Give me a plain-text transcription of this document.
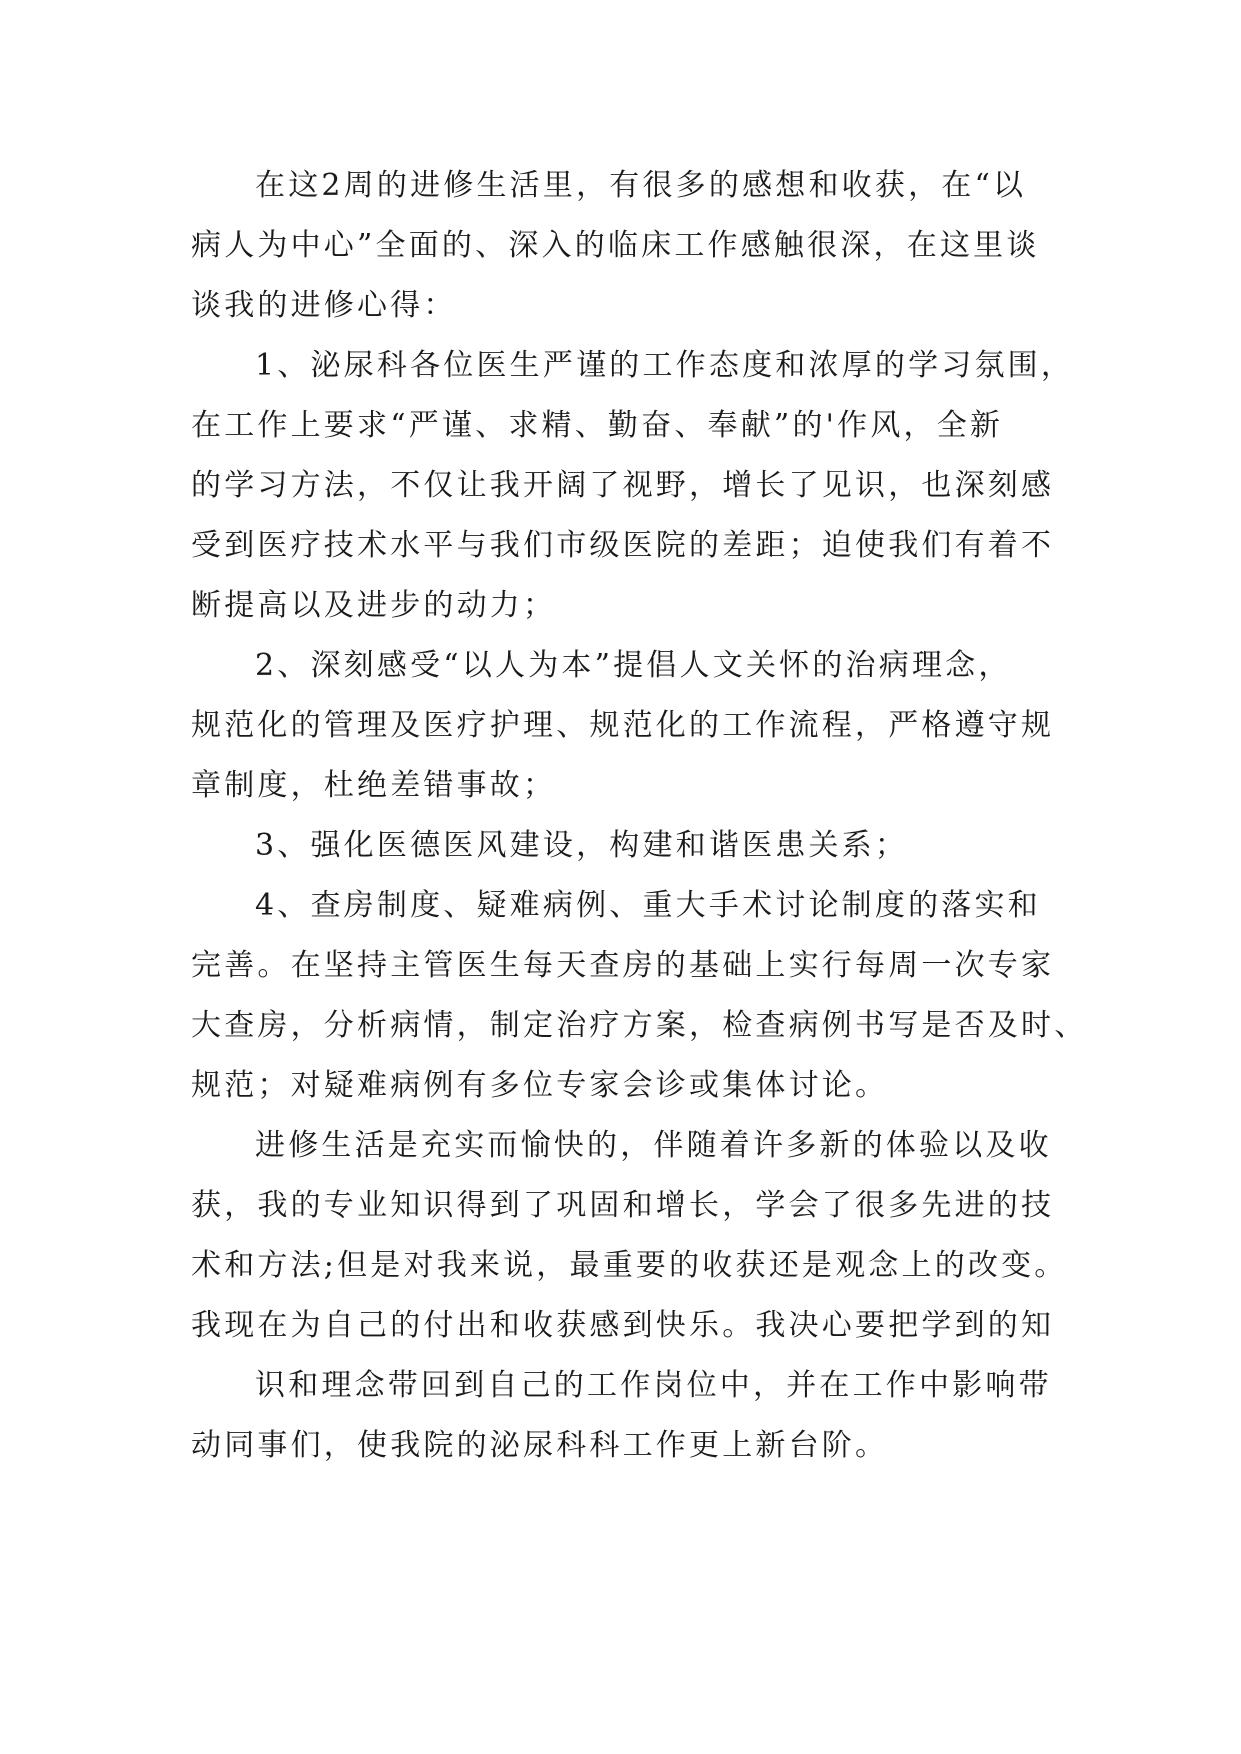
在这2周的进修生活里，有很多的感想和收获，在“以
病人为中心”全面的、深入的临床工作感触很深，在这里谈
谈我的进修心得：
1、泌尿科各位医生严谨的工作态度和浓厚的学习氛围，
在工作上要求“严谨、求精、勤奋、奉献”的'作风，全新
的学习方法，不仅让我开阔了视野，增长了见识，也深刻感
受到医疗技术水平与我们市级医院的差距；迫使我们有着不
断提高以及进步的动力；
2、深刻感受“以人为本”提倡人文关怀的治病理念，
规范化的管理及医疗护理、规范化的工作流程，严格遵守规
章制度，杜绝差错事故；
3、强化医德医风建设，构建和谐医患关系；
4、查房制度、疑难病例、重大手术讨论制度的落实和
完善。在坚持主管医生每天查房的基础上实行每周一次专家
大查房，分析病情，制定治疗方案，检查病例书写是否及时、
规范；对疑难病例有多位专家会诊或集体讨论。
进修生活是充实而愉快的，伴随着许多新的体验以及收
获，我的专业知识得到了巩固和增长，学会了很多先进的技
术和方法;但是对我来说，最重要的收获还是观念上的改变。
我现在为自己的付出和收获感到快乐。我决心要把学到的知
识和理念带回到自己的工作岗位中，并在工作中影响带
动同事们，使我院的泌尿科科工作更上新台阶。
